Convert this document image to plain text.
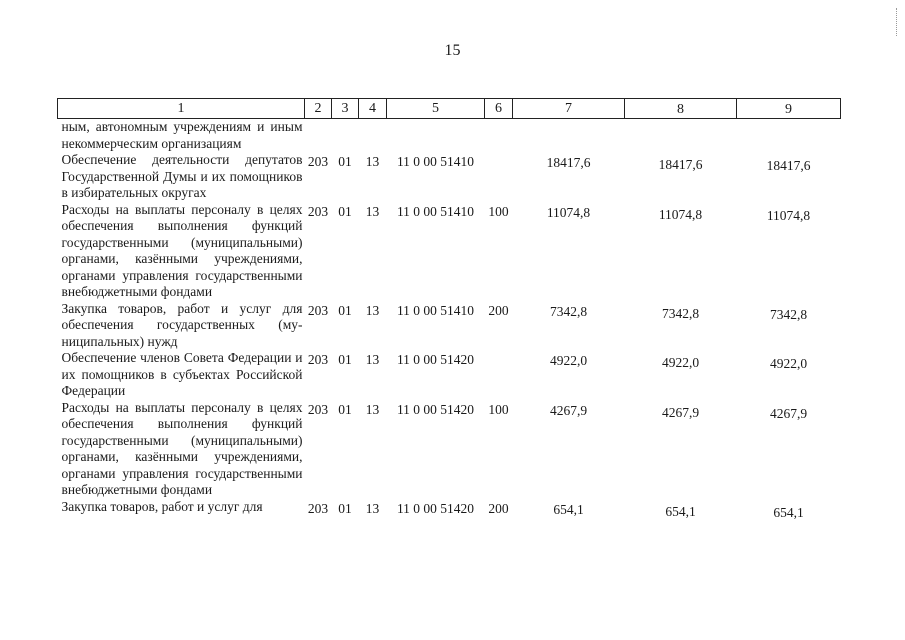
15
1	2	3	4	5	6	7	8	9
ным, автономным учреждениям и иным некоммерческим организациям								
Обеспечение деятельности депутатов Государственной Думы и их помощников в избирательных округах	203	01	13	11 0 00 51410		18417,6	18417,6	18417,6
Расходы на выплаты персоналу в целях обеспечения выполнения функций государственными (муниципальными) органами, казёнными учреждениями, органами управления государственными внебюджетными фондами	203	01	13	11 0 00 51410	100	11074,8	11074,8	11074,8
Закупка товаров, работ и услуг для обеспечения государственных (муниципальных) нужд	203	01	13	11 0 00 51410	200	7342,8	7342,8	7342,8
Обеспечение членов Совета Федерации и их помощников в субъектах Российской Федерации	203	01	13	11 0 00 51420		4922,0	4922,0	4922,0
Расходы на выплаты персоналу в целях обеспечения выполнения функций государственными (муниципальными) органами, казёнными учреждениями, органами управления государственными внебюджетными фондами	203	01	13	11 0 00 51420	100	4267,9	4267,9	4267,9
Закупка товаров, работ и услуг для	203	01	13	11 0 00 51420	200	654,1	654,1	654,1
